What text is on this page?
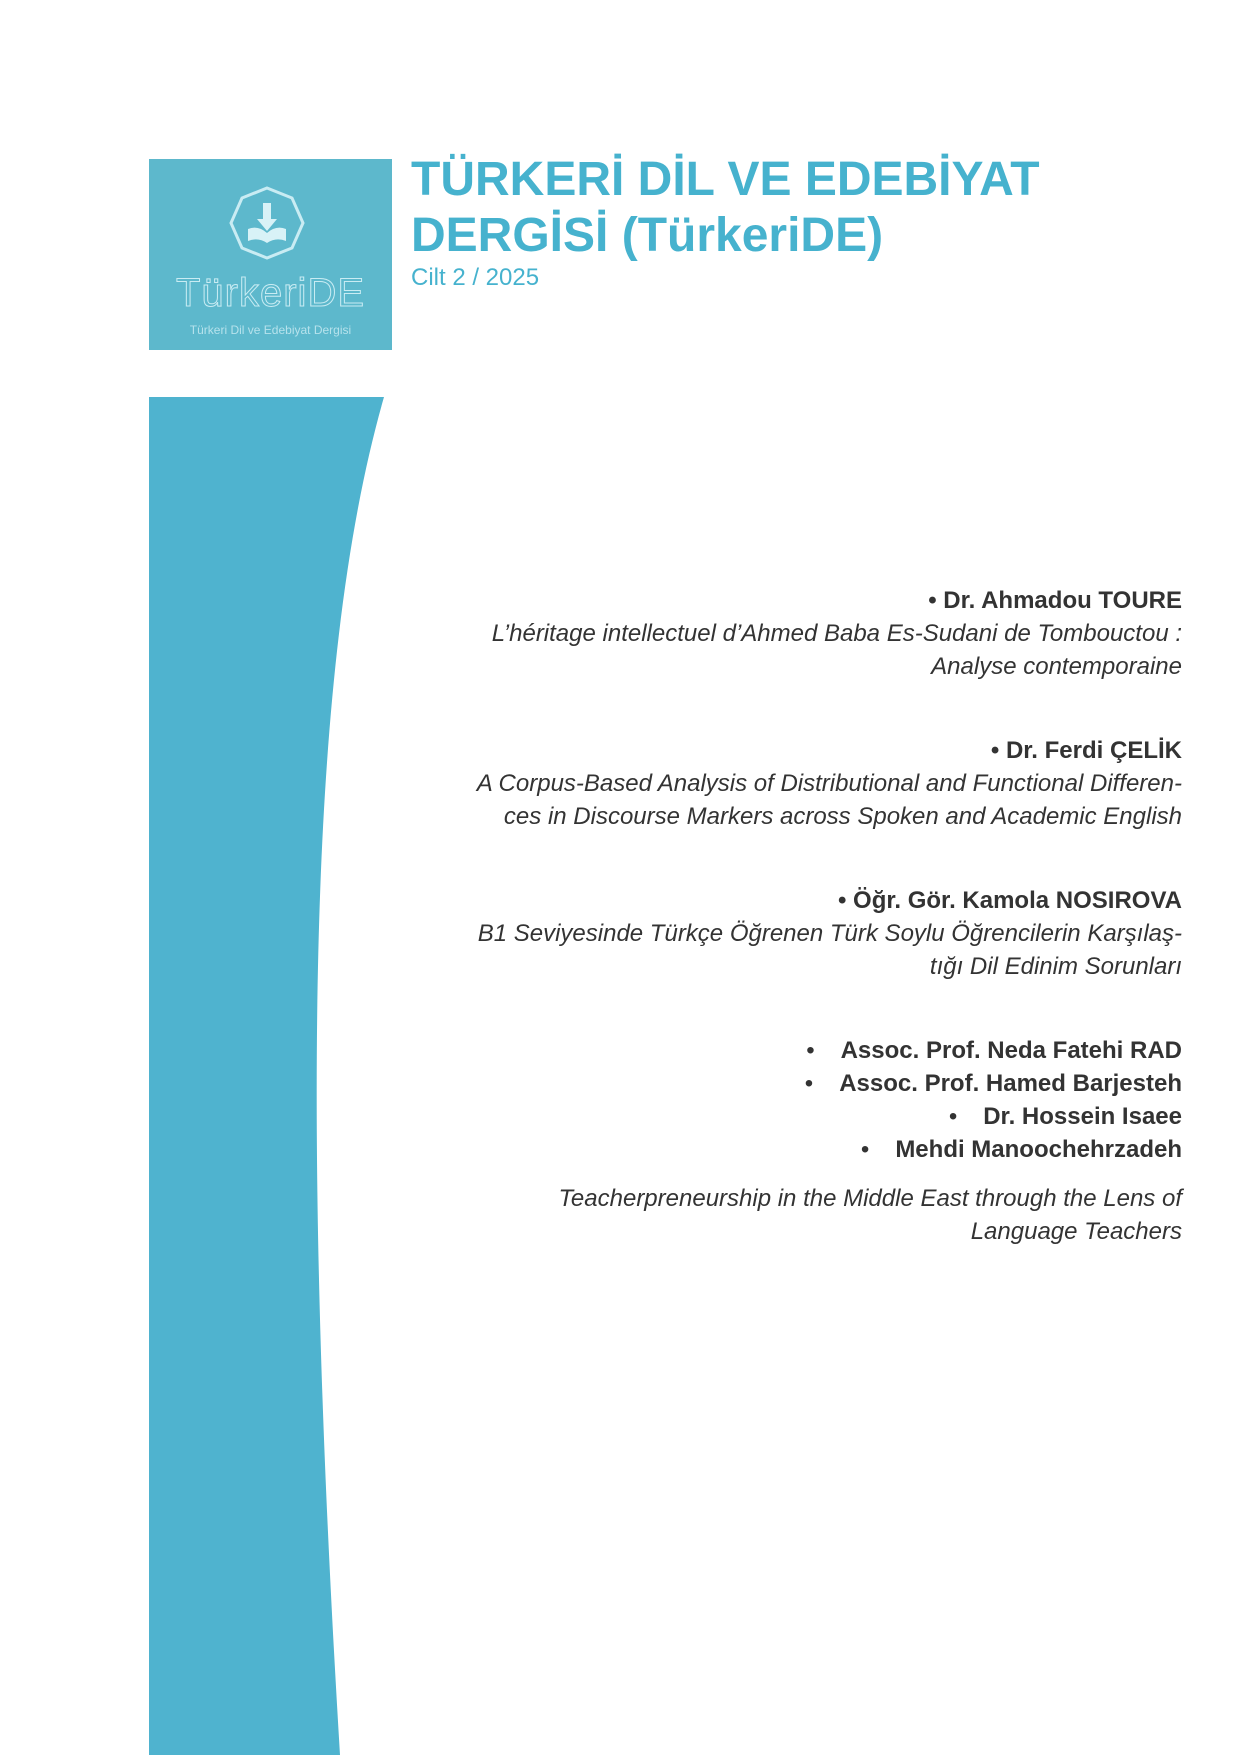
TürkeriDE
Türkeri Dil ve Edebiyat Dergisi
TÜRKERİ DİL VE EDEBİYAT DERGİSİ (TürkeriDE)
Cilt 2 / 2025
• Dr. Ahmadou TOURE
L’héritage intellectuel d’Ahmed Baba Es-Sudani de Tombouctou :
Analyse contemporaine
• Dr. Ferdi ÇELİK
A Corpus-Based Analysis of Distributional and Functional Differen-
ces in Discourse Markers across Spoken and Academic English
• Öğr. Gör. Kamola NOSIROVA
B1 Seviyesinde Türkçe Öğrenen Türk Soylu Öğrencilerin Karşılaş-
tığı Dil Edinim Sorunları
• Assoc. Prof. Neda Fatehi RAD
• Assoc. Prof. Hamed Barjesteh
• Dr. Hossein Isaee
• Mehdi Manoochehrzadeh
Teacherpreneurship in the Middle East through the Lens of
Language Teachers
